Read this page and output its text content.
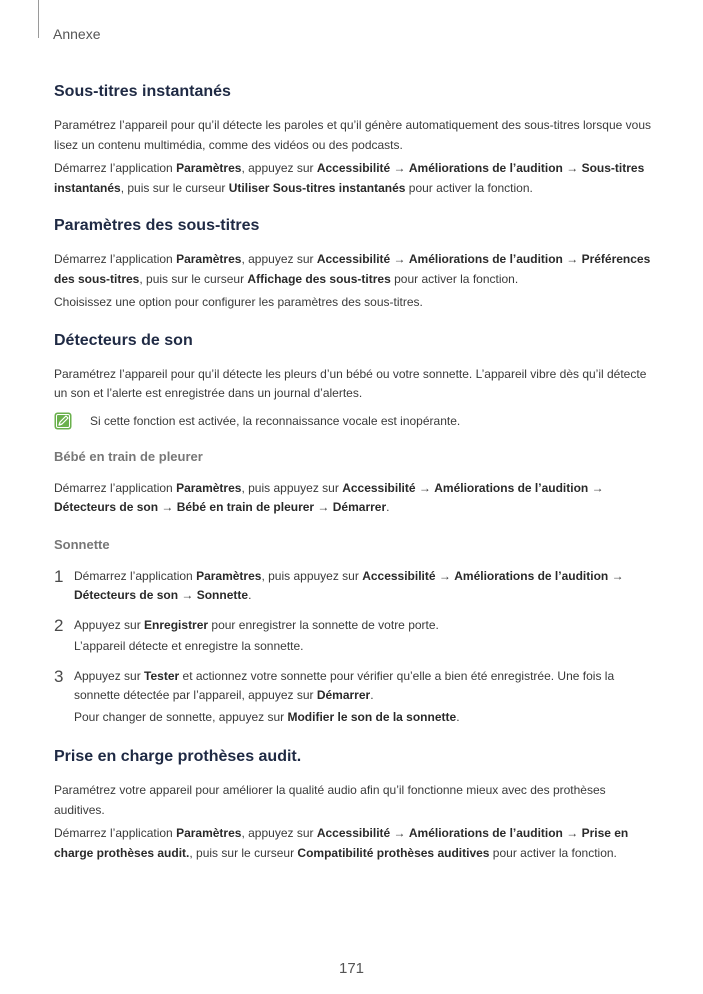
Annexe
Sous-titres instantanés

Paramétrez l’appareil pour qu’il détecte les paroles et qu’il génère automatiquement des sous-titres lorsque vous lisez un contenu multimédia, comme des vidéos ou des podcasts.

Démarrez l’application Paramètres, appuyez sur Accessibilité → Améliorations de l’audition → Sous-titres instantanés, puis sur le curseur Utiliser Sous-titres instantanés pour activer la fonction.

Paramètres des sous-titres

Démarrez l’application Paramètres, appuyez sur Accessibilité → Améliorations de l’audition → Préférences des sous-titres, puis sur le curseur Affichage des sous-titres pour activer la fonction.

Choisissez une option pour configurer les paramètres des sous-titres.

Détecteurs de son

Paramétrez l’appareil pour qu’il détecte les pleurs d’un bébé ou votre sonnette. L’appareil vibre dès qu’il détecte un son et l’alerte est enregistrée dans un journal d’alertes.

Si cette fonction est activée, la reconnaissance vocale est inopérante.
Bébé en train de pleurer

Démarrez l’application Paramètres, puis appuyez sur Accessibilité → Améliorations de l’audition → Détecteurs de son → Bébé en train de pleurer → Démarrer.

Sonnette
1 Démarrez l’application Paramètres, puis appuyez sur Accessibilité → Améliorations de l’audition → Détecteurs de son → Sonnette.

2 Appuyez sur Enregistrer pour enregistrer la sonnette de votre porte.

L’appareil détecte et enregistre la sonnette.

3 Appuyez sur Tester et actionnez votre sonnette pour vérifier qu’elle a bien été enregistrée. Une fois la sonnette détectée par l’appareil, appuyez sur Démarrer.

Pour changer de sonnette, appuyez sur Modifier le son de la sonnette.

Prise en charge prothèses audit.

Paramétrez votre appareil pour améliorer la qualité audio afin qu’il fonctionne mieux avec des prothèses auditives.

Démarrez l’application Paramètres, appuyez sur Accessibilité → Améliorations de l’audition → Prise en charge prothèses audit., puis sur le curseur Compatibilité prothèses auditives pour activer la fonction.

171
